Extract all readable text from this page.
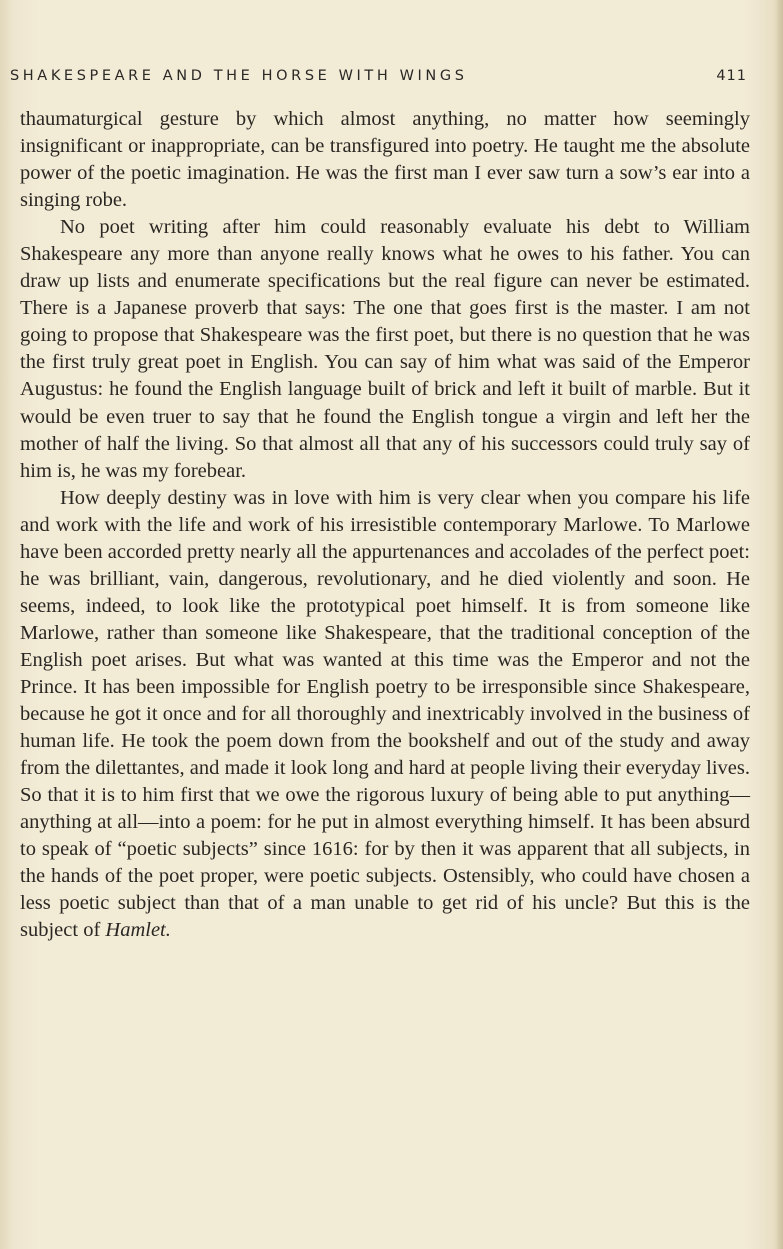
SHAKESPEARE AND THE HORSE WITH WINGS	411

thaumaturgical gesture by which almost anything, no matter how seemingly insignificant or inappropriate, can be transfigured into poetry. He taught me the absolute power of the poetic imagination. He was the first man I ever saw turn a sow’s ear into a singing robe.

No poet writing after him could reasonably evaluate his debt to William Shakespeare any more than anyone really knows what he owes to his father. You can draw up lists and enumerate specifications but the real figure can never be estimated. There is a Japanese proverb that says: The one that goes first is the master. I am not going to propose that Shakespeare was the first poet, but there is no question that he was the first truly great poet in English. You can say of him what was said of the Emperor Augustus: he found the English language built of brick and left it built of marble. But it would be even truer to say that he found the English tongue a virgin and left her the mother of half the living. So that almost all that any of his successors could truly say of him is, he was my forebear.

How deeply destiny was in love with him is very clear when you compare his life and work with the life and work of his irresistible contemporary Marlowe. To Marlowe have been accorded pretty nearly all the appurtenances and accolades of the perfect poet: he was brilliant, vain, dangerous, revolutionary, and he died violently and soon. He seems, indeed, to look like the prototypical poet himself. It is from someone like Marlowe, rather than someone like Shakespeare, that the traditional conception of the English poet arises. But what was wanted at this time was the Emperor and not the Prince. It has been impossible for English poetry to be irresponsible since Shakespeare, because he got it once and for all thoroughly and inextricably involved in the business of human life. He took the poem down from the bookshelf and out of the study and away from the dilettantes, and made it look long and hard at people living their everyday lives. So that it is to him first that we owe the rigorous luxury of being able to put anything—anything at all—into a poem: for he put in almost everything himself. It has been absurd to speak of “poetic subjects” since 1616: for by then it was apparent that all subjects, in the hands of the poet proper, were poetic subjects. Ostensibly, who could have chosen a less poetic subject than that of a man unable to get rid of his uncle? But this is the subject of Hamlet.
